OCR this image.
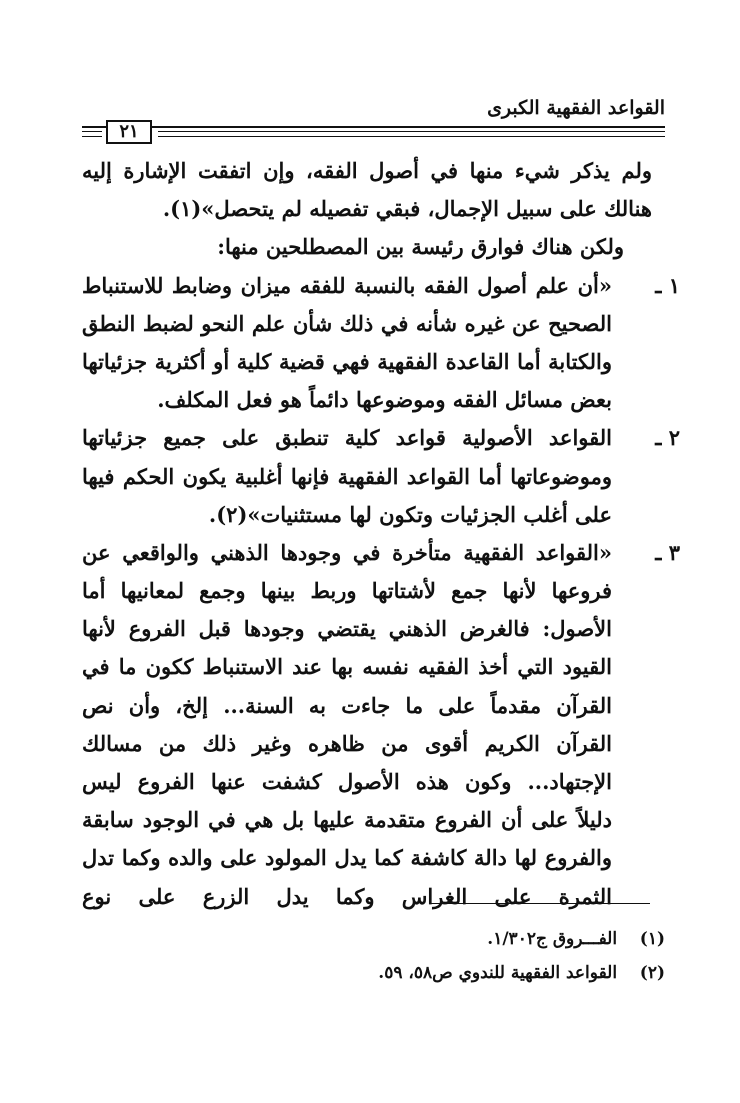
القواعد الفقهية الكبرى
٢١
ولم يذكر شيء منها في أصول الفقه، وإن اتفقت الإشارة إليه
هنالك على سبيل الإجمال، فبقي تفصيله لم يتحصل»(١).
ولكن هناك فوارق رئيسة بين المصطلحين منها:
١ ـ
«أن علم أصول الفقه بالنسبة للفقه ميزان وضابط للاستنباط
الصحيح عن غيره شأنه في ذلك شأن علم النحو لضبط النطق
والكتابة أما القاعدة الفقهية فهي قضية كلية أو أكثرية جزئياتها
بعض مسائل الفقه وموضوعها دائماً هو فعل المكلف.
٢ ـ
القواعد الأصولية قواعد كلية تنطبق على جميع جزئياتها
وموضوعاتها أما القواعد الفقهية فإنها أغلبية يكون الحكم فيها
على أغلب الجزئيات وتكون لها مستثنيات»(٢).
٣ ـ
«القواعد الفقهية متأخرة في وجودها الذهني والواقعي عن
فروعها لأنها جمع لأشتاتها وربط بينها وجمع لمعانيها أما
الأصول: فالغرض الذهني يقتضي وجودها قبل الفروع لأنها
القيود التي أخذ الفقيه نفسه بها عند الاستنباط ككون ما في
القرآن مقدماً على ما جاءت به السنة... إلخ، وأن نص
القرآن الكريم أقوى من ظاهره وغير ذلك من مسالك
الإجتهاد... وكون هذه الأصول كشفت عنها الفروع ليس
دليلاً على أن الفروع متقدمة عليها بل هي في الوجود سابقة
والفروع لها دالة كاشفة كما يدل المولود على والده وكما تدل
الثمرة على الغراس وكما يدل الزرع على نوع
(١) الفـــروق ج١/٣٠٢.
(٢) القواعد الفقهية للندوي ص٥٨، ٥٩.
